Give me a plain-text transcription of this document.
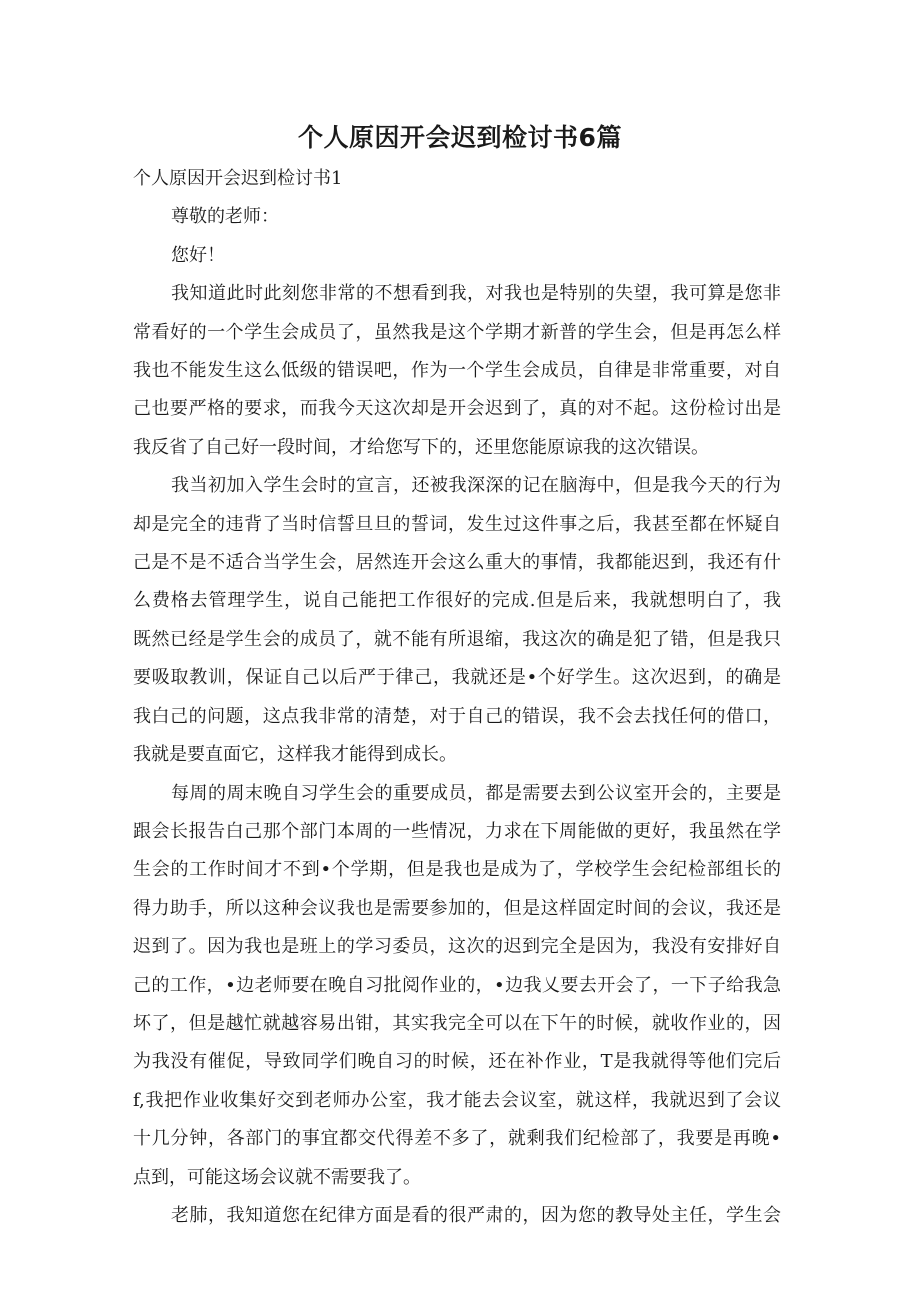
个人原因开会迟到检讨书6篇

个人原因开会迟到检讨书1

尊敬的老师：

您好！

我知道此时此刻您非常的不想看到我，对我也是特别的失望，我可算是您非
常看好的一个学生会成员了，虽然我是这个学期才新普的学生会，但是再怎么样
我也不能发生这么低级的错误吧，作为一个学生会成员，自律是非常重要，对自
己也要严格的要求，而我今天这次却是开会迟到了，真的对不起。这份检讨出是
我反省了自己好一段时间，才给您写下的，还里您能原谅我的这次错误。
我当初加入学生会时的宣言，还被我深深的记在脑海中，但是我今天的行为
却是完全的违背了当时信誓旦旦的誓词，发生过这件事之后，我甚至都在怀疑自
己是不是不适合当学生会，居然连开会这么重大的事情，我都能迟到，我还有什
么费格去管理学生，说自己能把工作很好的完成.但是后来，我就想明白了，我
既然已经是学生会的成员了，就不能有所退缩，我这次的确是犯了错，但是我只
要吸取教训，保证自己以后严于律己，我就还是•个好学生。这次迟到，的确是
我白己的问题，这点我非常的清楚，对于自己的错误，我不会去找任何的借口，
我就是要直面它，这样我才能得到成长。
每周的周末晚自习学生会的重要成员，都是需要去到公议室开会的，主要是
跟会长报告白己那个部门本周的一些情况，力求在下周能做的更好，我虽然在学
生会的工作时间才不到•个学期，但是我也是成为了，学校学生会纪检部组长的
得力助手，所以这种会议我也是需要参加的，但是这样固定时间的会议，我还是
迟到了。因为我也是班上的学习委员，这次的迟到完全是因为，我没有安排好自
己的工作，•边老师要在晚自习批阅作业的，•边我乂要去开会了，一下子给我急
坏了，但是越忙就越容易出钳，其实我完全可以在下午的时候，就收作业的，因
为我没有催促，导致同学们晚自习的时候，还在补作业，T是我就得等他们完后
f,我把作业收集好交到老师办公室，我才能去会议室，就这样，我就迟到了会议
十几分钟，各部门的事宜都交代得差不多了，就剩我们纪检部了，我要是再晚•
点到，可能这场会议就不需要我了。
老肺，我知道您在纪律方面是看的很严肃的，因为您的教导处主任，学生会
